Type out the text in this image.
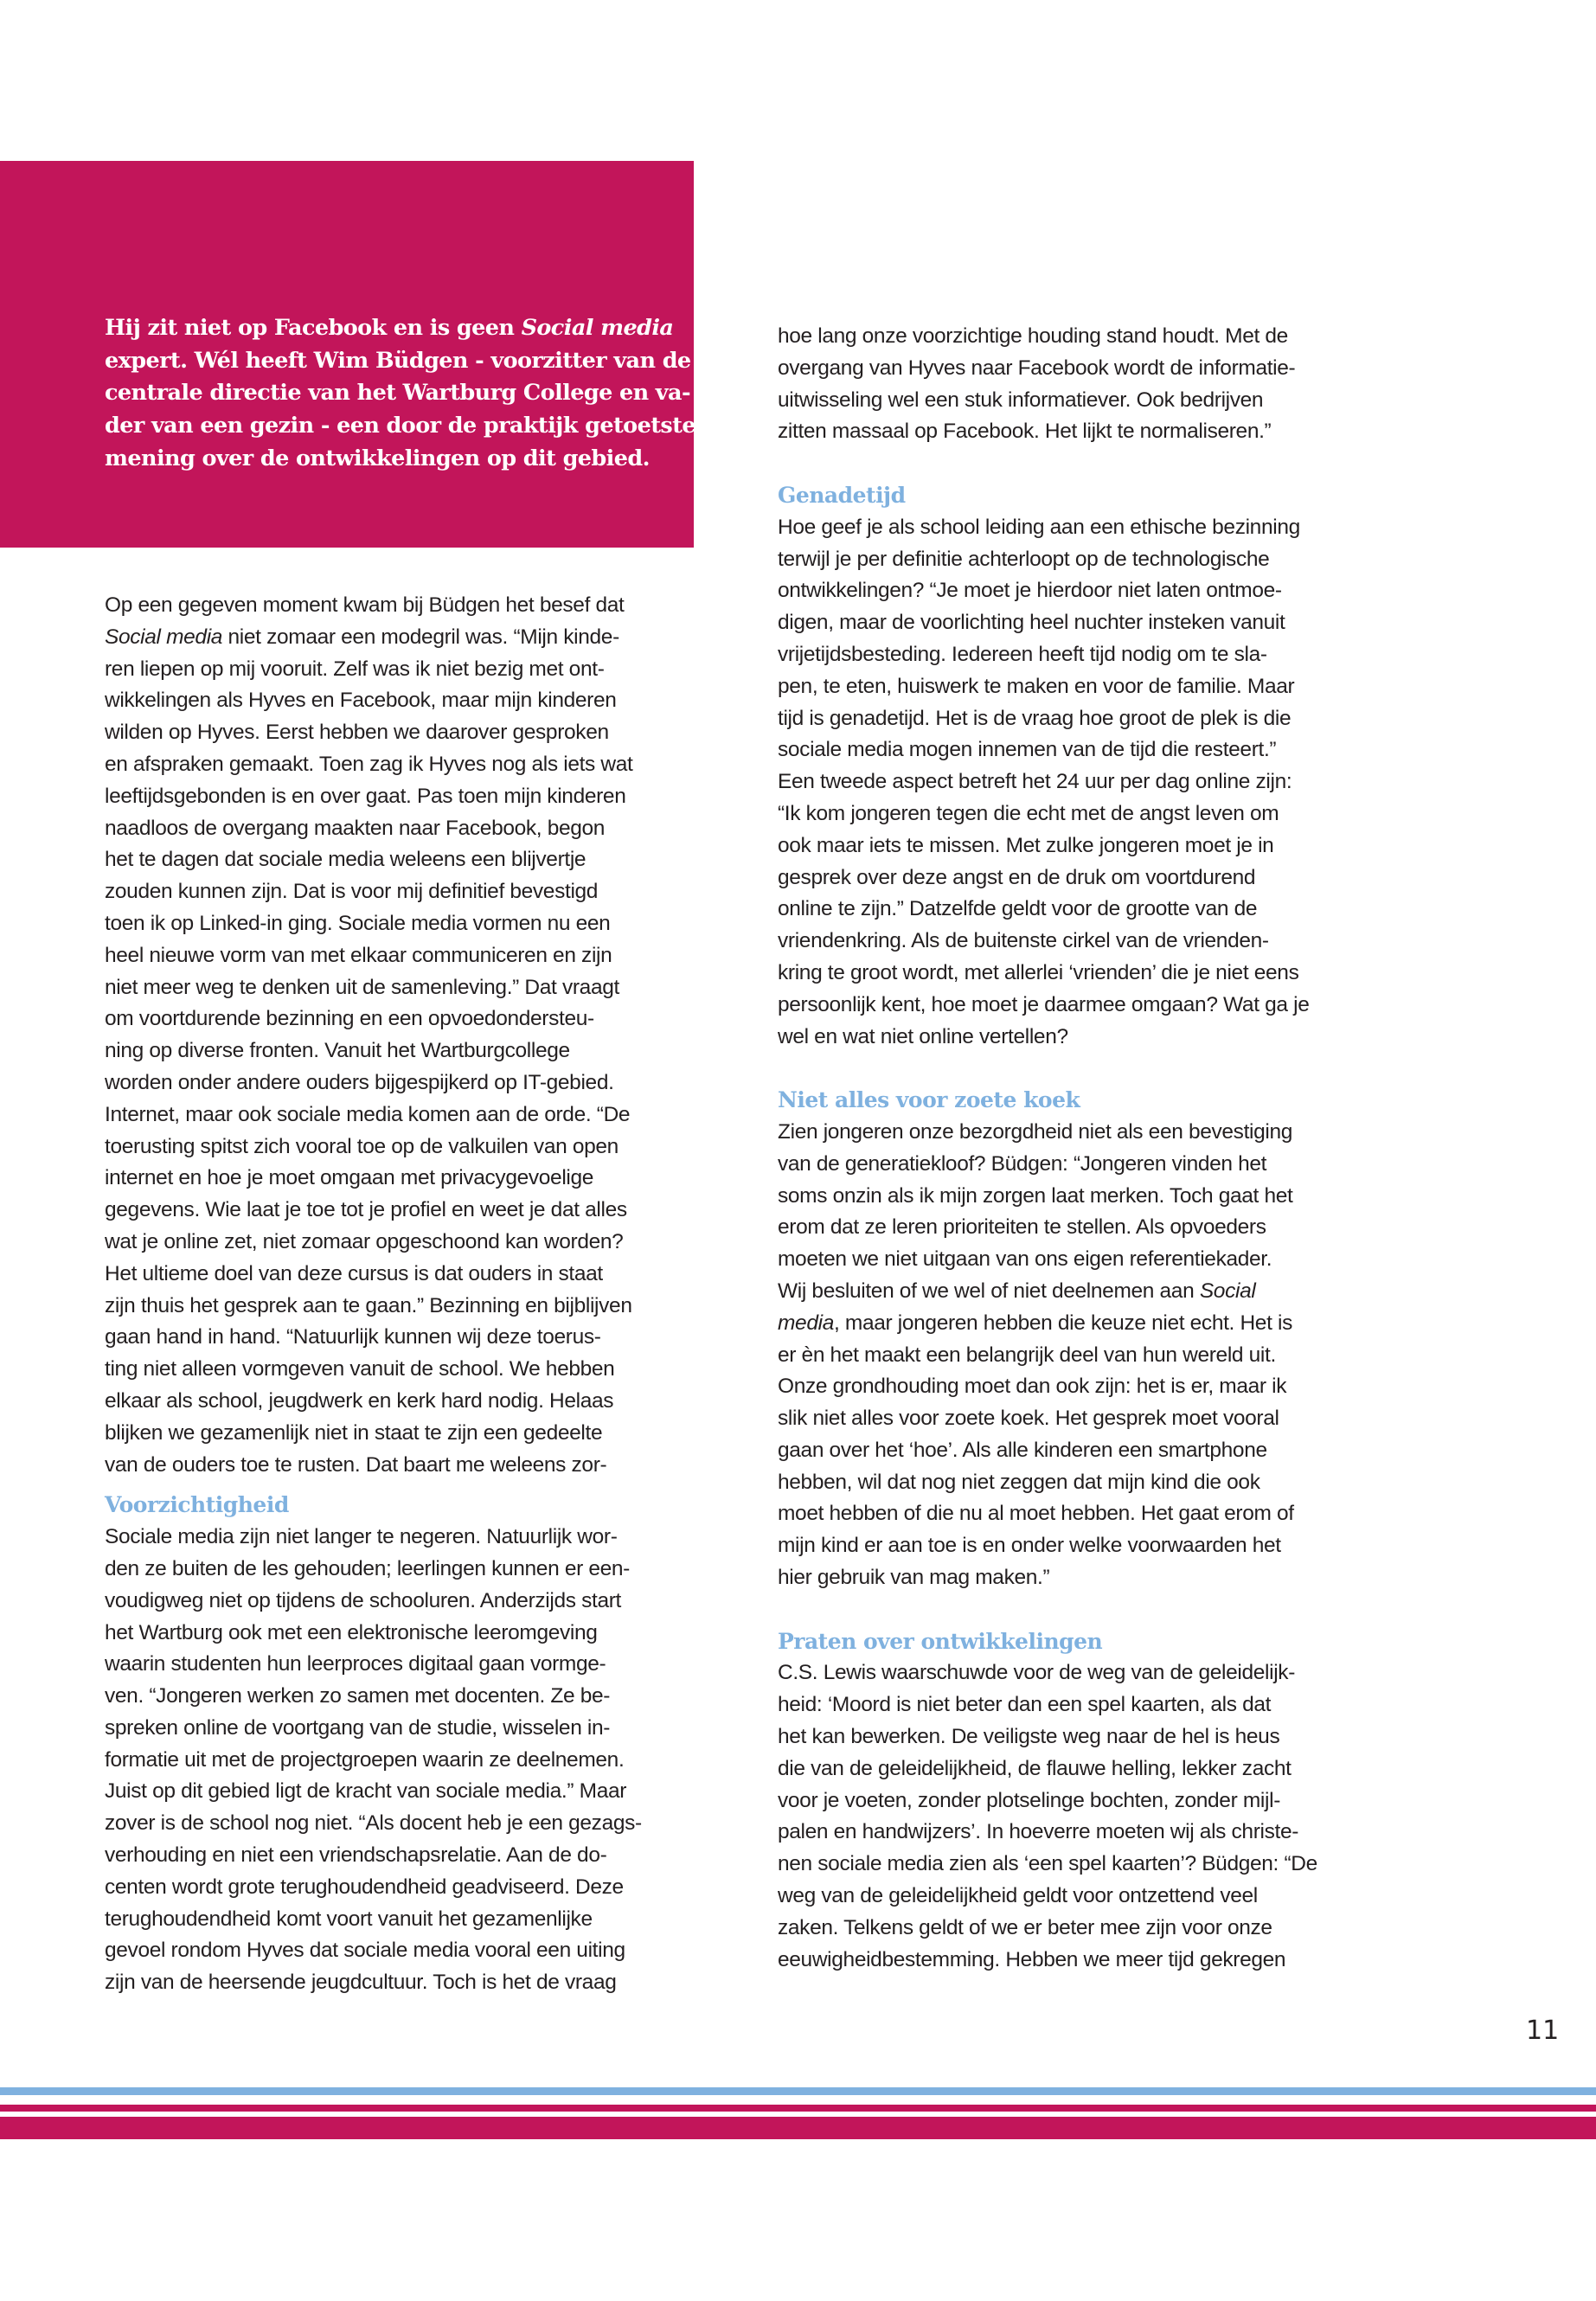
Hij zit niet op Facebook en is geen Social media
expert. Wél heeft Wim Büdgen - voorzitter van de
centrale directie van het Wartburg College en va-
der van een gezin - een door de praktijk getoetste
mening over de ontwikkelingen op dit gebied.
Op een gegeven moment kwam bij Büdgen het besef dat
Social media niet zomaar een modegril was. “Mijn kinde-
ren liepen op mij vooruit. Zelf was ik niet bezig met ont-
wikkelingen als Hyves en Facebook, maar mijn kinderen
wilden op Hyves. Eerst hebben we daarover gesproken
en afspraken gemaakt. Toen zag ik Hyves nog als iets wat
leeftijdsgebonden is en over gaat. Pas toen mijn kinderen
naadloos de overgang maakten naar Facebook, begon
het te dagen dat sociale media weleens een blijvertje
zouden kunnen zijn. Dat is voor mij definitief bevestigd
toen ik op Linked-in ging. Sociale media vormen nu een
heel nieuwe vorm van met elkaar communiceren en zijn
niet meer weg te denken uit de samenleving.” Dat vraagt
om voortdurende bezinning en een opvoedondersteu-
ning op diverse fronten. Vanuit het Wartburgcollege
worden onder andere ouders bijgespijkerd op IT-gebied.
Internet, maar ook sociale media komen aan de orde. “De
toerusting spitst zich vooral toe op de valkuilen van open
internet en hoe je moet omgaan met privacygevoelige
gegevens. Wie laat je toe tot je profiel en weet je dat alles
wat je online zet, niet zomaar opgeschoond kan worden?
Het ultieme doel van deze cursus is dat ouders in staat
zijn thuis het gesprek aan te gaan.” Bezinning en bijblijven
gaan hand in hand. “Natuurlijk kunnen wij deze toerus-
ting niet alleen vormgeven vanuit de school. We hebben
elkaar als school, jeugdwerk en kerk hard nodig. Helaas
blijken we gezamenlijk niet in staat te zijn een gedeelte
van de ouders toe te rusten. Dat baart me weleens zor-
Voorzichtigheid
Sociale media zijn niet langer te negeren. Natuurlijk wor-
den ze buiten de les gehouden; leerlingen kunnen er een-
voudigweg niet op tijdens de schooluren. Anderzijds start
het Wartburg ook met een elektronische leeromgeving
waarin studenten hun leerproces digitaal gaan vormge-
ven. “Jongeren werken zo samen met docenten. Ze be-
spreken online de voortgang van de studie, wisselen in-
formatie uit met de projectgroepen waarin ze deelnemen.
Juist op dit gebied ligt de kracht van sociale media.” Maar
zover is de school nog niet. “Als docent heb je een gezags-
verhouding en niet een vriendschapsrelatie. Aan de do-
centen wordt grote terughoudendheid geadviseerd. Deze
terughoudendheid komt voort vanuit het gezamenlijke
gevoel rondom Hyves dat sociale media vooral een uiting
zijn van de heersende jeugdcultuur. Toch is het de vraag
hoe lang onze voorzichtige houding stand houdt. Met de
overgang van Hyves naar Facebook wordt de informatie-
uitwisseling wel een stuk informatiever. Ook bedrijven
zitten massaal op Facebook. Het lijkt te normaliseren.”
Genadetijd
Hoe geef je als school leiding aan een ethische bezinning
terwijl je per definitie achterloopt op de technologische
ontwikkelingen? “Je moet je hierdoor niet laten ontmoe-
digen, maar de voorlichting heel nuchter insteken vanuit
vrijetijdsbesteding. Iedereen heeft tijd nodig om te sla-
pen, te eten, huiswerk te maken en voor de familie. Maar
tijd is genadetijd. Het is de vraag hoe groot de plek is die
sociale media mogen innemen van de tijd die resteert.”
Een tweede aspect betreft het 24 uur per dag online zijn:
“Ik kom jongeren tegen die echt met de angst leven om
ook maar iets te missen. Met zulke jongeren moet je in
gesprek over deze angst en de druk om voortdurend
online te zijn.” Datzelfde geldt voor de grootte van de
vriendenkring. Als de buitenste cirkel van de vrienden-
kring te groot wordt, met allerlei ‘vrienden’ die je niet eens
persoonlijk kent, hoe moet je daarmee omgaan? Wat ga je
wel en wat niet online vertellen?
Niet alles voor zoete koek
Zien jongeren onze bezorgdheid niet als een bevestiging
van de generatiekloof? Büdgen: “Jongeren vinden het
soms onzin als ik mijn zorgen laat merken. Toch gaat het
erom dat ze leren prioriteiten te stellen. Als opvoeders
moeten we niet uitgaan van ons eigen referentiekader.
Wij besluiten of we wel of niet deelnemen aan Social
media, maar jongeren hebben die keuze niet echt. Het is
er èn het maakt een belangrijk deel van hun wereld uit.
Onze grondhouding moet dan ook zijn: het is er, maar ik
slik niet alles voor zoete koek. Het gesprek moet vooral
gaan over het ‘hoe’. Als alle kinderen een smartphone
hebben, wil dat nog niet zeggen dat mijn kind die ook
moet hebben of die nu al moet hebben. Het gaat erom of
mijn kind er aan toe is en onder welke voorwaarden het
hier gebruik van mag maken.”
Praten over ontwikkelingen
C.S. Lewis waarschuwde voor de weg van de geleidelijk-
heid: ‘Moord is niet beter dan een spel kaarten, als dat
het kan bewerken. De veiligste weg naar de hel is heus
die van de geleidelijkheid, de flauwe helling, lekker zacht
voor je voeten, zonder plotselinge bochten, zonder mijl-
palen en handwijzers’. In hoeverre moeten wij als christe-
nen sociale media zien als ‘een spel kaarten’? Büdgen: “De
weg van de geleidelijkheid geldt voor ontzettend veel
zaken. Telkens geldt of we er beter mee zijn voor onze
eeuwigheidbestemming. Hebben we meer tijd gekregen
11
